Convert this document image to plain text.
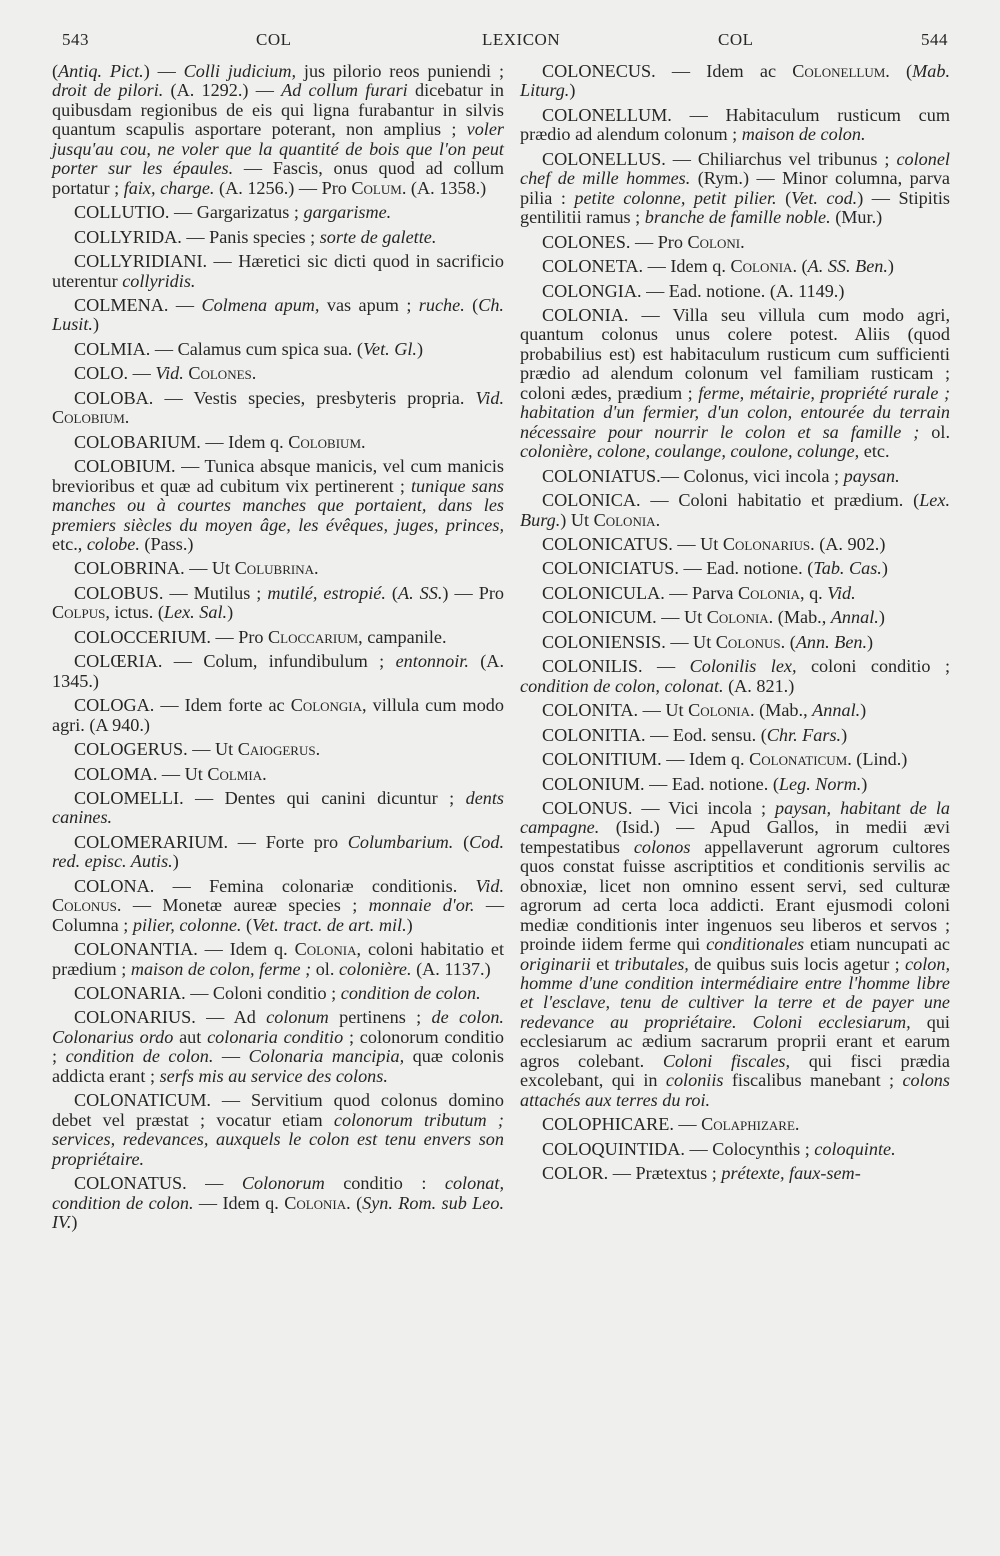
543	COL	LEXICON	COL	544

(Antiq. Pict.) — Colli judicium, jus pilorio reos puniendi ; droit de pilori. (A. 1292.) — Ad collum furari dicebatur in quibusdam regionibus de eis qui ligna furabantur in silvis quantum scapulis asportare poterant, non amplius ; voler jusqu'au cou, ne voler que la quantité de bois que l'on peut porter sur les épaules. — Fascis, onus quod ad collum portatur ; faix, charge. (A. 1256.) — Pro Colum. (A. 1358.)

COLLUTIO. — Gargarizatus ; gargarisme.

COLLYRIDA. — Panis species ; sorte de galette.

COLLYRIDIANI. — Hæretici sic dicti quod in sacrificio uterentur collyridis.

COLMENA. — Colmena apum, vas apum ; ruche. (Ch. Lusit.)

COLMIA. — Calamus cum spica sua. (Vet. Gl.)

COLO. — Vid. Colones.

COLOBA. — Vestis species, presbyteris propria. Vid. Colobium.

COLOBARIUM. — Idem q. Colobium.

COLOBIUM. — Tunica absque manicis, vel cum manicis brevioribus et quæ ad cubitum vix pertinerent ; tunique sans manches ou à courtes manches que portaient, dans les premiers siècles du moyen âge, les évêques, juges, princes, etc., colobe. (Pass.)

COLOBRINA. — Ut Colubrina.

COLOBUS. — Mutilus ; mutilé, estropié. (A. SS.) — Pro Colpus, ictus. (Lex. Sal.)

COLOCCERIUM. — Pro Cloccarium, campanile.

COLŒRIA. — Colum, infundibulum ; entonnoir. (A. 1345.)

COLOGA. — Idem forte ac Colongia, villula cum modo agri. (A 940.)

COLOGERUS. — Ut Caiogerus.

COLOMA. — Ut Colmia.

COLOMELLI. — Dentes qui canini dicuntur ; dents canines.

COLOMERARIUM. — Forte pro Columbarium. (Cod. red. episc. Autis.)

COLONA. — Femina colonariæ conditionis. Vid. Colonus. — Monetæ aureæ species ; monnaie d'or. — Columna ; pilier, colonne. (Vet. tract. de art. mil.)

COLONANTIA. — Idem q. Colonia, coloni habitatio et prædium ; maison de colon, ferme ; ol. colonière. (A. 1137.)

COLONARIA. — Coloni conditio ; condition de colon.

COLONARIUS. — Ad colonum pertinens ; de colon. Colonarius ordo aut colonaria conditio ; colonorum conditio ; condition de colon. — Colonaria mancipia, quæ colonis addicta erant ; serfs mis au service des colons.

COLONATICUM. — Servitium quod colonus domino debet vel præstat ; vocatur etiam colonorum tributum ; services, redevances, auxquels le colon est tenu envers son propriétaire.

COLONATUS. — Colonorum conditio : colonat, condition de colon. — Idem q. Colonia. (Syn. Rom. sub Leo. IV.)

COLONECUS. — Idem ac Colonellum. (Mab. Liturg.)

COLONELLUM. — Habitaculum rusticum cum prædio ad alendum colonum ; maison de colon.

COLONELLUS. — Chiliarchus vel tribunus ; colonel chef de mille hommes. (Rym.) — Minor columna, parva pilia : petite colonne, petit pilier. (Vet. cod.) — Stipitis gentilitii ramus ; branche de famille noble. (Mur.)

COLONES. — Pro Coloni.

COLONETA. — Idem q. Colonia. (A. SS. Ben.)

COLONGIA. — Ead. notione. (A. 1149.)

COLONIA. — Villa seu villula cum modo agri, quantum colonus unus colere potest. Aliis (quod probabilius est) est habitaculum rusticum cum sufficienti prædio ad alendum colonum vel familiam rusticam ; coloni ædes, prædium ; ferme, métairie, propriété rurale ; habitation d'un fermier, d'un colon, entourée du terrain nécessaire pour nourrir le colon et sa famille ; ol. colonière, colone, coulange, coulone, colunge, etc.

COLONIATUS.— Colonus, vici incola ; paysan.

COLONICA. — Coloni habitatio et prædium. (Lex. Burg.) Ut Colonia.

COLONICATUS. — Ut Colonarius. (A. 902.)

COLONICIATUS. — Ead. notione. (Tab. Cas.)

COLONICULA. — Parva Colonia, q. Vid.

COLONICUM. — Ut Colonia. (Mab., Annal.)

COLONIENSIS. — Ut Colonus. (Ann. Ben.)

COLONILIS. — Colonilis lex, coloni conditio ; condition de colon, colonat. (A. 821.)

COLONITA. — Ut Colonia. (Mab., Annal.)

COLONITIA. — Eod. sensu. (Chr. Fars.)

COLONITIUM. — Idem q. Colonaticum. (Lind.)

COLONIUM. — Ead. notione. (Leg. Norm.)

COLONUS. — Vici incola ; paysan, habitant de la campagne. (Isid.) — Apud Gallos, in medii ævi tempestatibus colonos appellaverunt agrorum cultores quos constat fuisse ascriptitios et conditionis servilis ac obnoxiæ, licet non omnino essent servi, sed culturæ agrorum ad certa loca addicti. Erant ejusmodi coloni mediæ conditionis inter ingenuos seu liberos et servos ; proinde iidem ferme qui conditionales etiam nuncupati ac originarii et tributales, de quibus suis locis agetur ; colon, homme d'une condition intermédiaire entre l'homme libre et l'esclave, tenu de cultiver la terre et de payer une redevance au propriétaire. Coloni ecclesiarum, qui ecclesiarum ac ædium sacrarum proprii erant et earum agros colebant. Coloni fiscales, qui fisci prædia excolebant, qui in coloniis fiscalibus manebant ; colons attachés aux terres du roi.

COLOPHICARE. — Colaphizare.

COLOQUINTIDA. — Colocynthis ; coloquinte.

COLOR. — Prætextus ; prétexte, faux-sem-
